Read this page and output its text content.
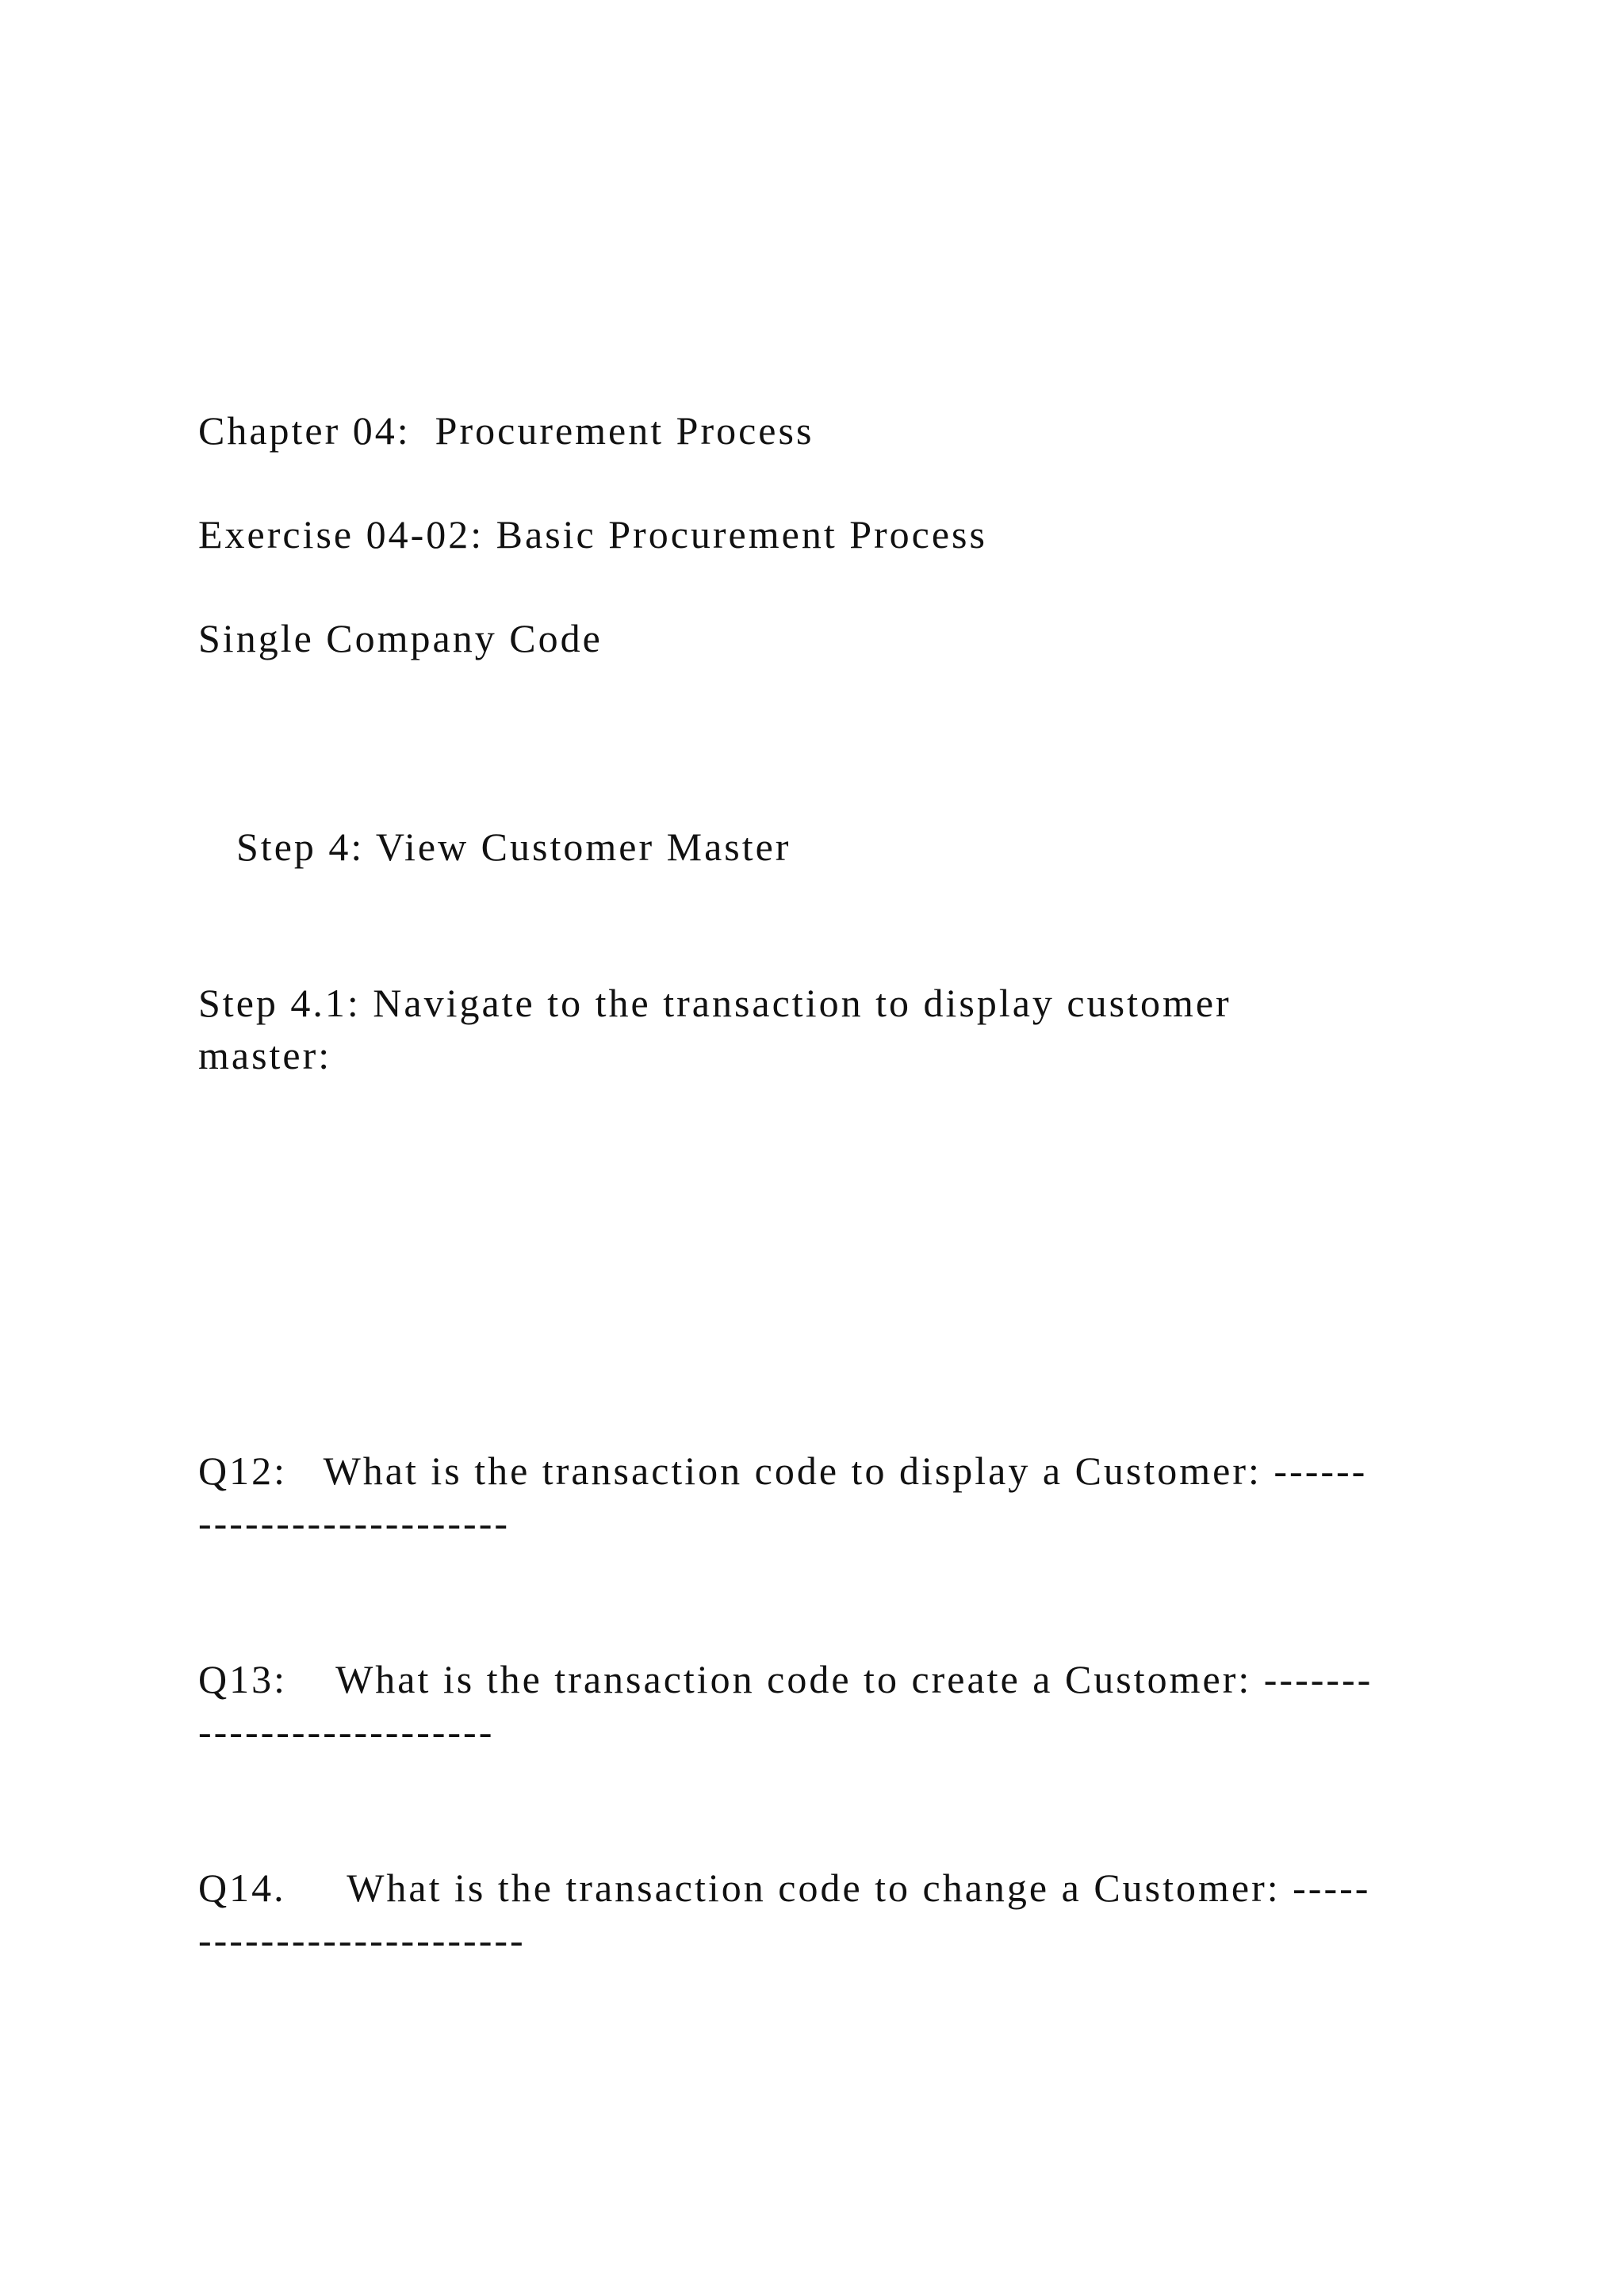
Chapter 04:  Procurement Process

Exercise 04-02: Basic Procurement Process

Single Company Code

Step 4: View Customer Master

Step 4.1: Navigate to the transaction to display customer

master:

Q12:   What is the transaction code to display a Customer: ------

--------------------

Q13:    What is the transaction code to create a Customer: -------

-------------------

Q14.     What is the transaction code to change a Customer: -----

---------------------
